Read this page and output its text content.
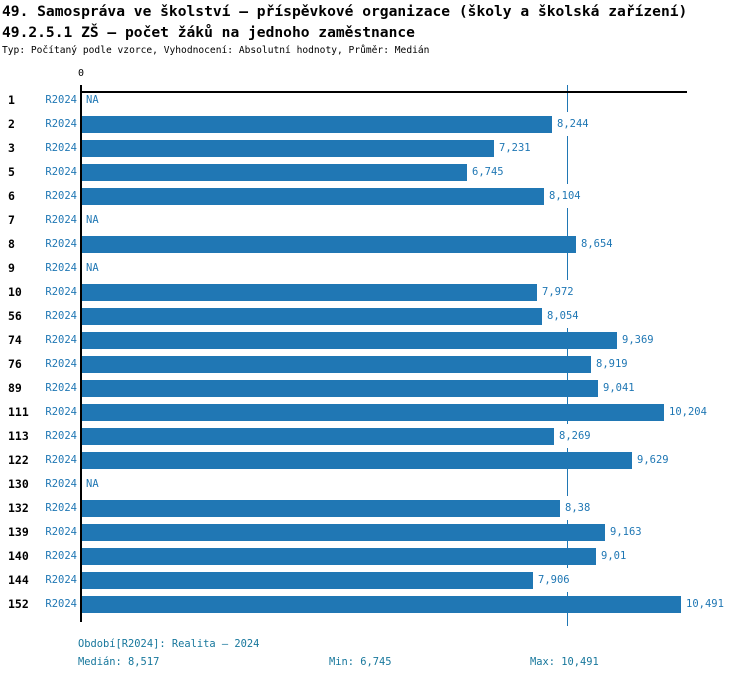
49. Samospráva ve školství – příspěvkové organizace (školy a školská zařízení)
49.2.5.1 ZŠ – počet žáků na jednoho zaměstnance
Typ: Počítaný podle vzorce, Vyhodnocení: Absolutní hodnoty, Průměr: Medián
0
1	R2024 NA
2	R2024	8,244
3	R2024	7,231
5	R2024	6,745
6	R2024	8,104
7	R2024 NA
8	R2024	8,654
9	R2024 NA
10	R2024	7,972
56	R2024	8,054
74	R2024	9,369
76	R2024	8,919
89	R2024	9,041
111	R2024	10,204
113	R2024	8,269
122	R2024	9,629
130	R2024 NA
132	R2024	8,38
139	R2024	9,163
140	R2024	9,01
144	R2024	7,906
152	R2024	10,491
Období[R2024]: Realita – 2024
Medián: 8,517	Min: 6,745	Max: 10,491
